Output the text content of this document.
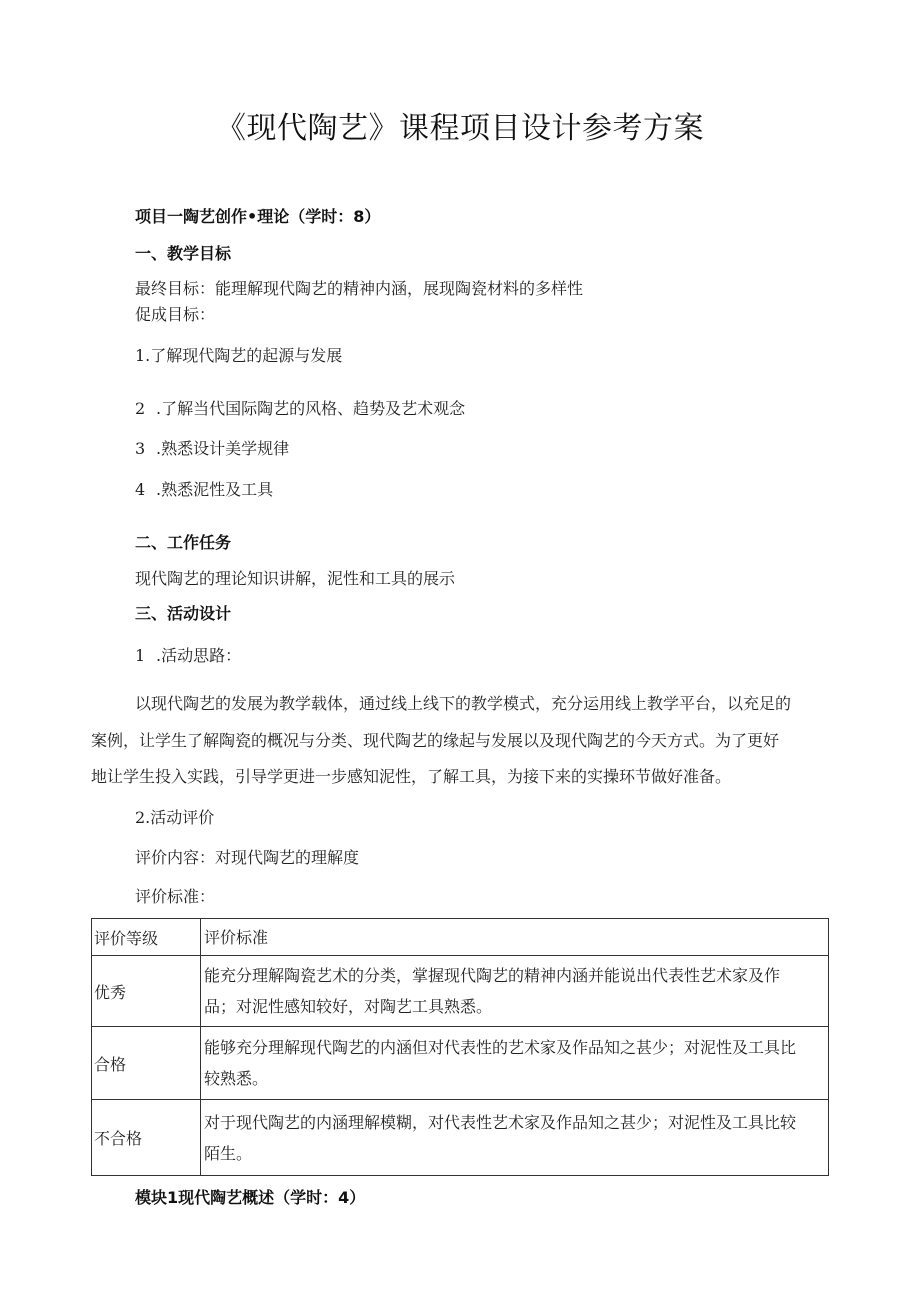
《现代陶艺》课程项目设计参考方案
项目一陶艺创作•理论（学时：8）
一、教学目标
最终目标：能理解现代陶艺的精神内涵，展现陶瓷材料的多样性
促成目标：
1.了解现代陶艺的起源与发展
2 .了解当代国际陶艺的风格、趋势及艺术观念
3 .熟悉设计美学规律
4 .熟悉泥性及工具
二、工作任务
现代陶艺的理论知识讲解，泥性和工具的展示
三、活动设计
1 .活动思路：
以现代陶艺的发展为教学载体，通过线上线下的教学模式，充分运用线上教学平台，以充足的
案例，让学生了解陶瓷的概况与分类、现代陶艺的缘起与发展以及现代陶艺的今天方式。为了更好
地让学生投入实践，引导学更进一步感知泥性，了解工具，为接下来的实操环节做好准备。
2.活动评价
评价内容：对现代陶艺的理解度
评价标准：
评价等级	评价标准
优秀	能充分理解陶瓷艺术的分类，掌握现代陶艺的精神内涵并能说出代表性艺术家及作
品；对泥性感知较好，对陶艺工具熟悉。

合格	能够充分理解现代陶艺的内涵但对代表性的艺术家及作品知之甚少；对泥性及工具比
较熟悉。

不合格	对于现代陶艺的内涵理解模糊，对代表性艺术家及作品知之甚少；对泥性及工具比较
陌生。
模块1现代陶艺概述（学时：4）
